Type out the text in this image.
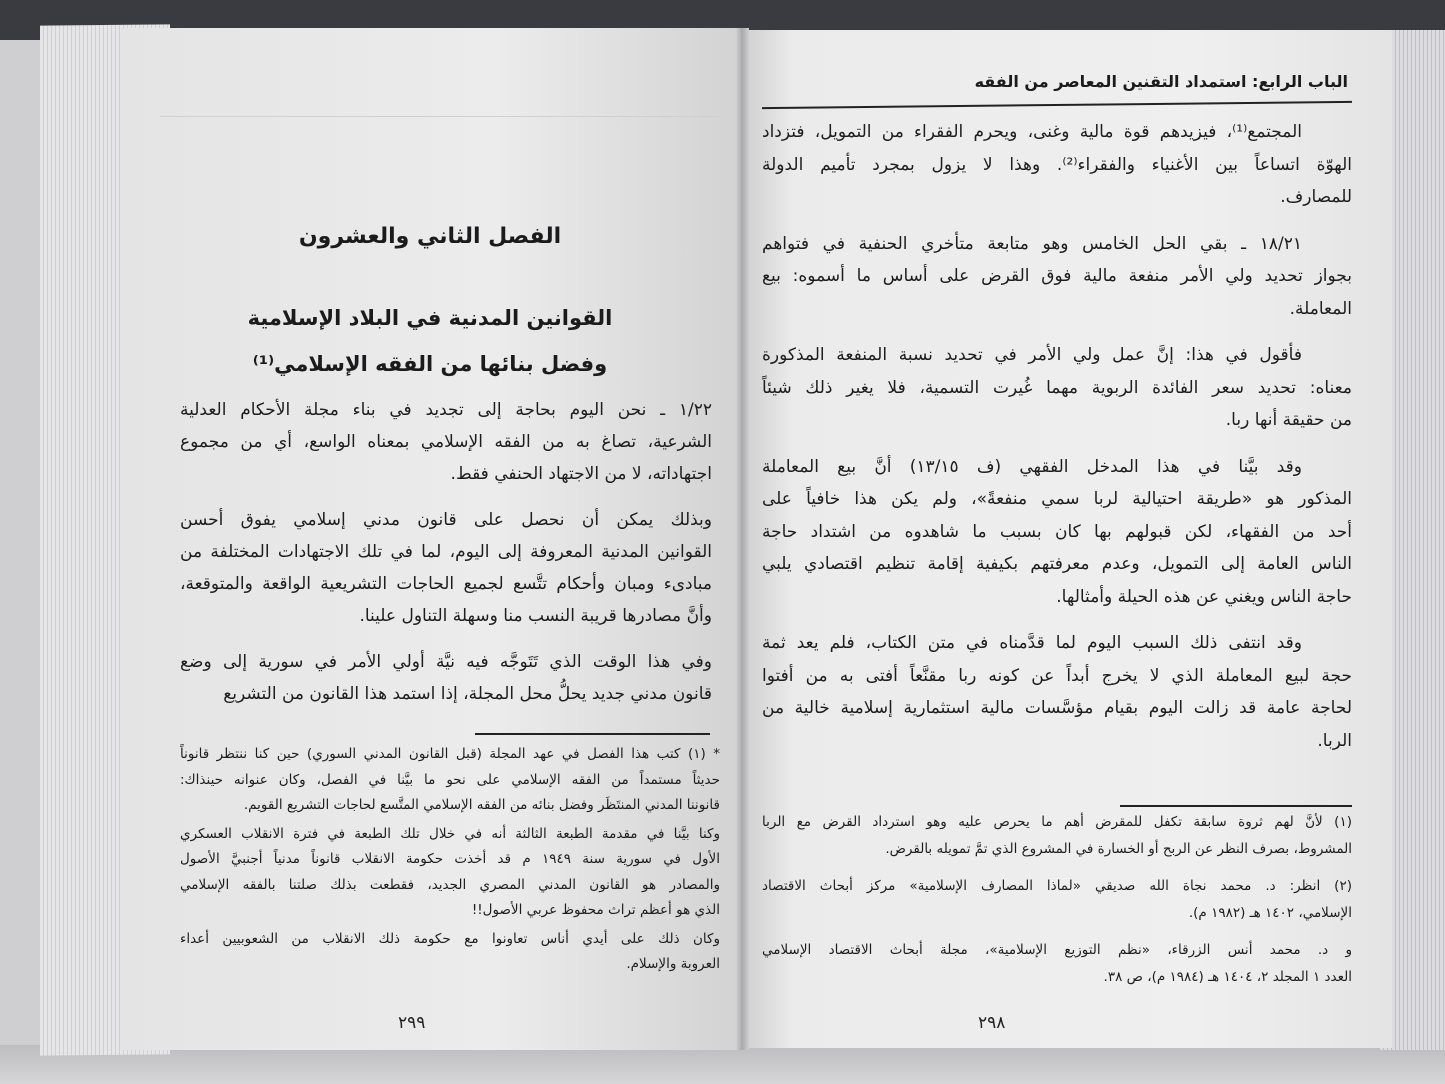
الباب الرابع: استمداد التقنين المعاصر من الفقه
المجتمع⁽¹⁾، فيزيدهم قوة مالية وغنى، ويحرم الفقراء من التمويل، فتزداد
الهوّة اتساعاً بين الأغنياء والفقراء⁽²⁾. وهذا لا يزول بمجرد تأميم الدولة
للمصارف.
١٨/٢١ ـ بقي الحل الخامس وهو متابعة متأخري الحنفية في فتواهم
بجواز تحديد ولي الأمر منفعة مالية فوق القرض على أساس ما أسموه: بيع
المعاملة.
فأقول في هذا: إنَّ عمل ولي الأمر في تحديد نسبة المنفعة المذكورة
معناه: تحديد سعر الفائدة الربوية مهما غُيرت التسمية، فلا يغير ذلك شيئاً
من حقيقة أنها ربا.
وقد بيَّنا في هذا المدخل الفقهي (ف ١٣/١٥) أنَّ بيع المعاملة
المذكور هو «طريقة احتيالية لربا سمي منفعةً»، ولم يكن هذا خافياً على
أحد من الفقهاء، لكن قبولهم بها كان بسبب ما شاهدوه من اشتداد حاجة
الناس العامة إلى التمويل، وعدم معرفتهم بكيفية إقامة تنظيم اقتصادي يلبي
حاجة الناس ويغني عن هذه الحيلة وأمثالها.
وقد انتفى ذلك السبب اليوم لما قدَّمناه في متن الكتاب، فلم يعد ثمة
حجة لبيع المعاملة الذي لا يخرج أبداً عن كونه ربا مقنَّعاً أفتى به من أفتوا
لحاجة عامة قد زالت اليوم بقيام مؤسَّسات مالية استثمارية إسلامية خالية من
الربا.
(١) لأنَّ لهم ثروة سابقة تكفل للمقرض أهم ما يحرص عليه وهو استرداد القرض مع الربا
المشروط، بصرف النظر عن الربح أو الخسارة في المشروع الذي تمَّ تمويله بالقرض.
(٢) انظر: د. محمد نجاة الله صديقي «لماذا المصارف الإسلامية» مركز أبحاث الاقتصاد
الإسلامي، ١٤٠٢ هـ (١٩٨٢ م).
و د. محمد أنس الزرقاء، «نظم التوزيع الإسلامية»، مجلة أبحاث الاقتصاد الإسلامي
العدد ١ المجلد ٢، ١٤٠٤ هـ (١٩٨٤ م)، ص ٣٨.
٢٩٨
الفصل الثاني والعشرون
القوانين المدنية في البلاد الإسلامية
وفضل بنائها من الفقه الإسلامي⁽¹⁾
١/٢٢ ـ نحن اليوم بحاجة إلى تجديد في بناء مجلة الأحكام العدلية
الشرعية، تصاغ به من الفقه الإسلامي بمعناه الواسع، أي من مجموع
اجتهاداته، لا من الاجتهاد الحنفي فقط.
وبذلك يمكن أن نحصل على قانون مدني إسلامي يفوق أحسن
القوانين المدنية المعروفة إلى اليوم، لما في تلك الاجتهادات المختلفة من
مبادىء ومبان وأحكام تتَّسع لجميع الحاجات التشريعية الواقعة والمتوقعة،
وأنَّ مصادرها قريبة النسب منا وسهلة التناول علينا.
وفي هذا الوقت الذي تَتَوجَّه فيه نيَّة أولي الأمر في سورية إلى وضع
قانون مدني جديد يحلُّ محل المجلة، إذا استمد هذا القانون من التشريع
* (١) كتب هذا الفصل في عهد المجلة (قبل القانون المدني السوري) حين كنا ننتظر قانوناً
حديثاً مستمداً من الفقه الإسلامي على نحو ما بيَّنا في الفصل، وكان عنوانه حينذاك:
قانوننا المدني المنتَظَر وفضل بنائه من الفقه الإسلامي المتَّسع لحاجات التشريع القويم.
وكنا بيَّنا في مقدمة الطبعة الثالثة أنه في خلال تلك الطبعة في فترة الانقلاب العسكري
الأول في سورية سنة ١٩٤٩ م قد أخذت حكومة الانقلاب قانوناً مدنياً أجنبيَّ الأصول
والمصادر هو القانون المدني المصري الجديد، فقطعت بذلك صلتنا بالفقه الإسلامي
الذي هو أعظم تراث محفوظ عربي الأصول!!
وكان ذلك على أيدي أناس تعاونوا مع حكومة ذلك الانقلاب من الشعوبيين أعداء
العروبة والإسلام.
٢٩٩
